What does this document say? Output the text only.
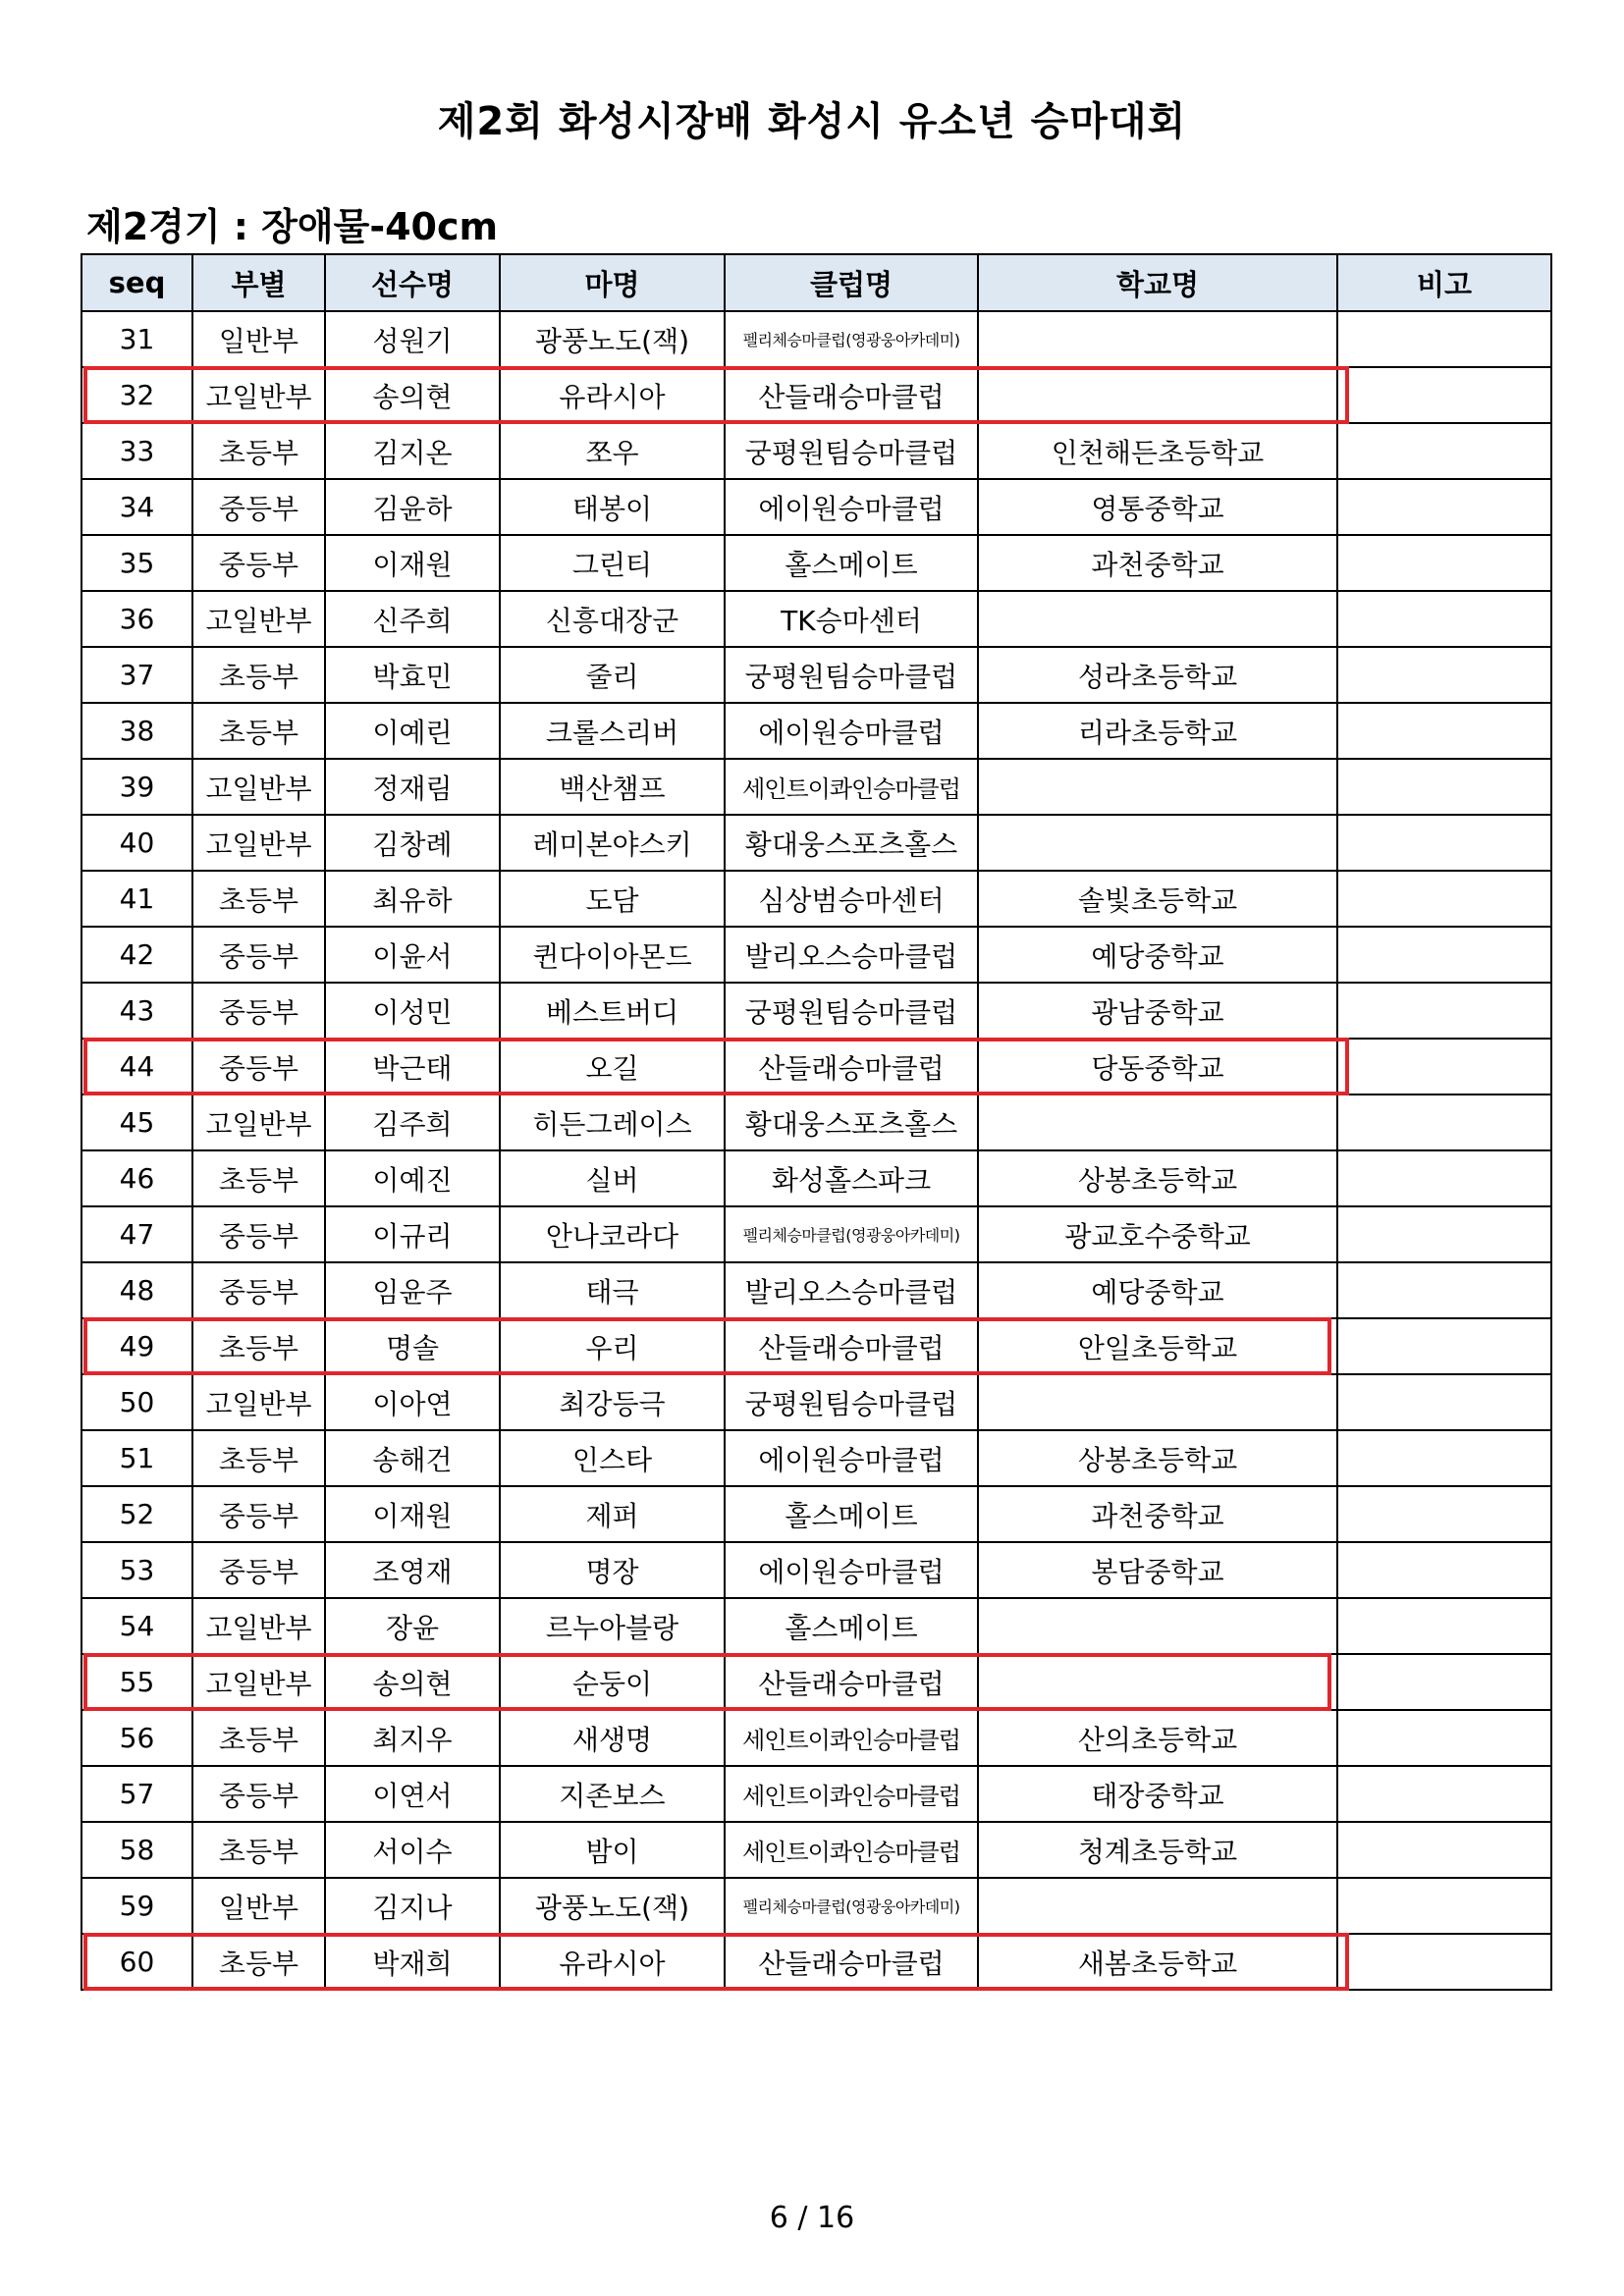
제2회 화성시장배 화성시 유소년 승마대회
제2경기 : 장애물-40cm
seq	부별	선수명	마명	클럽명	학교명	비고
31	일반부	성원기	광풍노도(잭)	펠리체승마클럽(영광웅아카데미)		
32	고일반부	송의현	유라시아	산들래승마클럽		
33	초등부	김지온	쪼우	궁평원팀승마클럽	인천해든초등학교	
34	중등부	김윤하	태봉이	에이원승마클럽	영통중학교	
35	중등부	이재원	그린티	홀스메이트	과천중학교	
36	고일반부	신주희	신흥대장군	TK승마센터		
37	초등부	박효민	줄리	궁평원팀승마클럽	성라초등학교	
38	초등부	이예린	크롤스리버	에이원승마클럽	리라초등학교	
39	고일반부	정재림	백산챔프	세인트이콰인승마클럽		
40	고일반부	김창례	레미본야스키	황대웅스포츠홀스		
41	초등부	최유하	도담	심상범승마센터	솔빛초등학교	
42	중등부	이윤서	퀸다이아몬드	발리오스승마클럽	예당중학교	
43	중등부	이성민	베스트버디	궁평원팀승마클럽	광남중학교	
44	중등부	박근태	오길	산들래승마클럽	당동중학교	
45	고일반부	김주희	히든그레이스	황대웅스포츠홀스		
46	초등부	이예진	실버	화성홀스파크	상봉초등학교	
47	중등부	이규리	안나코라다	펠리체승마클럽(영광웅아카데미)	광교호수중학교	
48	중등부	임윤주	태극	발리오스승마클럽	예당중학교	
49	초등부	명솔	우리	산들래승마클럽	안일초등학교	
50	고일반부	이아연	최강등극	궁평원팀승마클럽		
51	초등부	송해건	인스타	에이원승마클럽	상봉초등학교	
52	중등부	이재원	제퍼	홀스메이트	과천중학교	
53	중등부	조영재	명장	에이원승마클럽	봉담중학교	
54	고일반부	장윤	르누아블랑	홀스메이트		
55	고일반부	송의현	순둥이	산들래승마클럽		
56	초등부	최지우	새생명	세인트이콰인승마클럽	산의초등학교	
57	중등부	이연서	지존보스	세인트이콰인승마클럽	태장중학교	
58	초등부	서이수	밤이	세인트이콰인승마클럽	청계초등학교	
59	일반부	김지나	광풍노도(잭)	펠리체승마클럽(영광웅아카데미)		
60	초등부	박재희	유라시아	산들래승마클럽	새봄초등학교	
6 / 16
